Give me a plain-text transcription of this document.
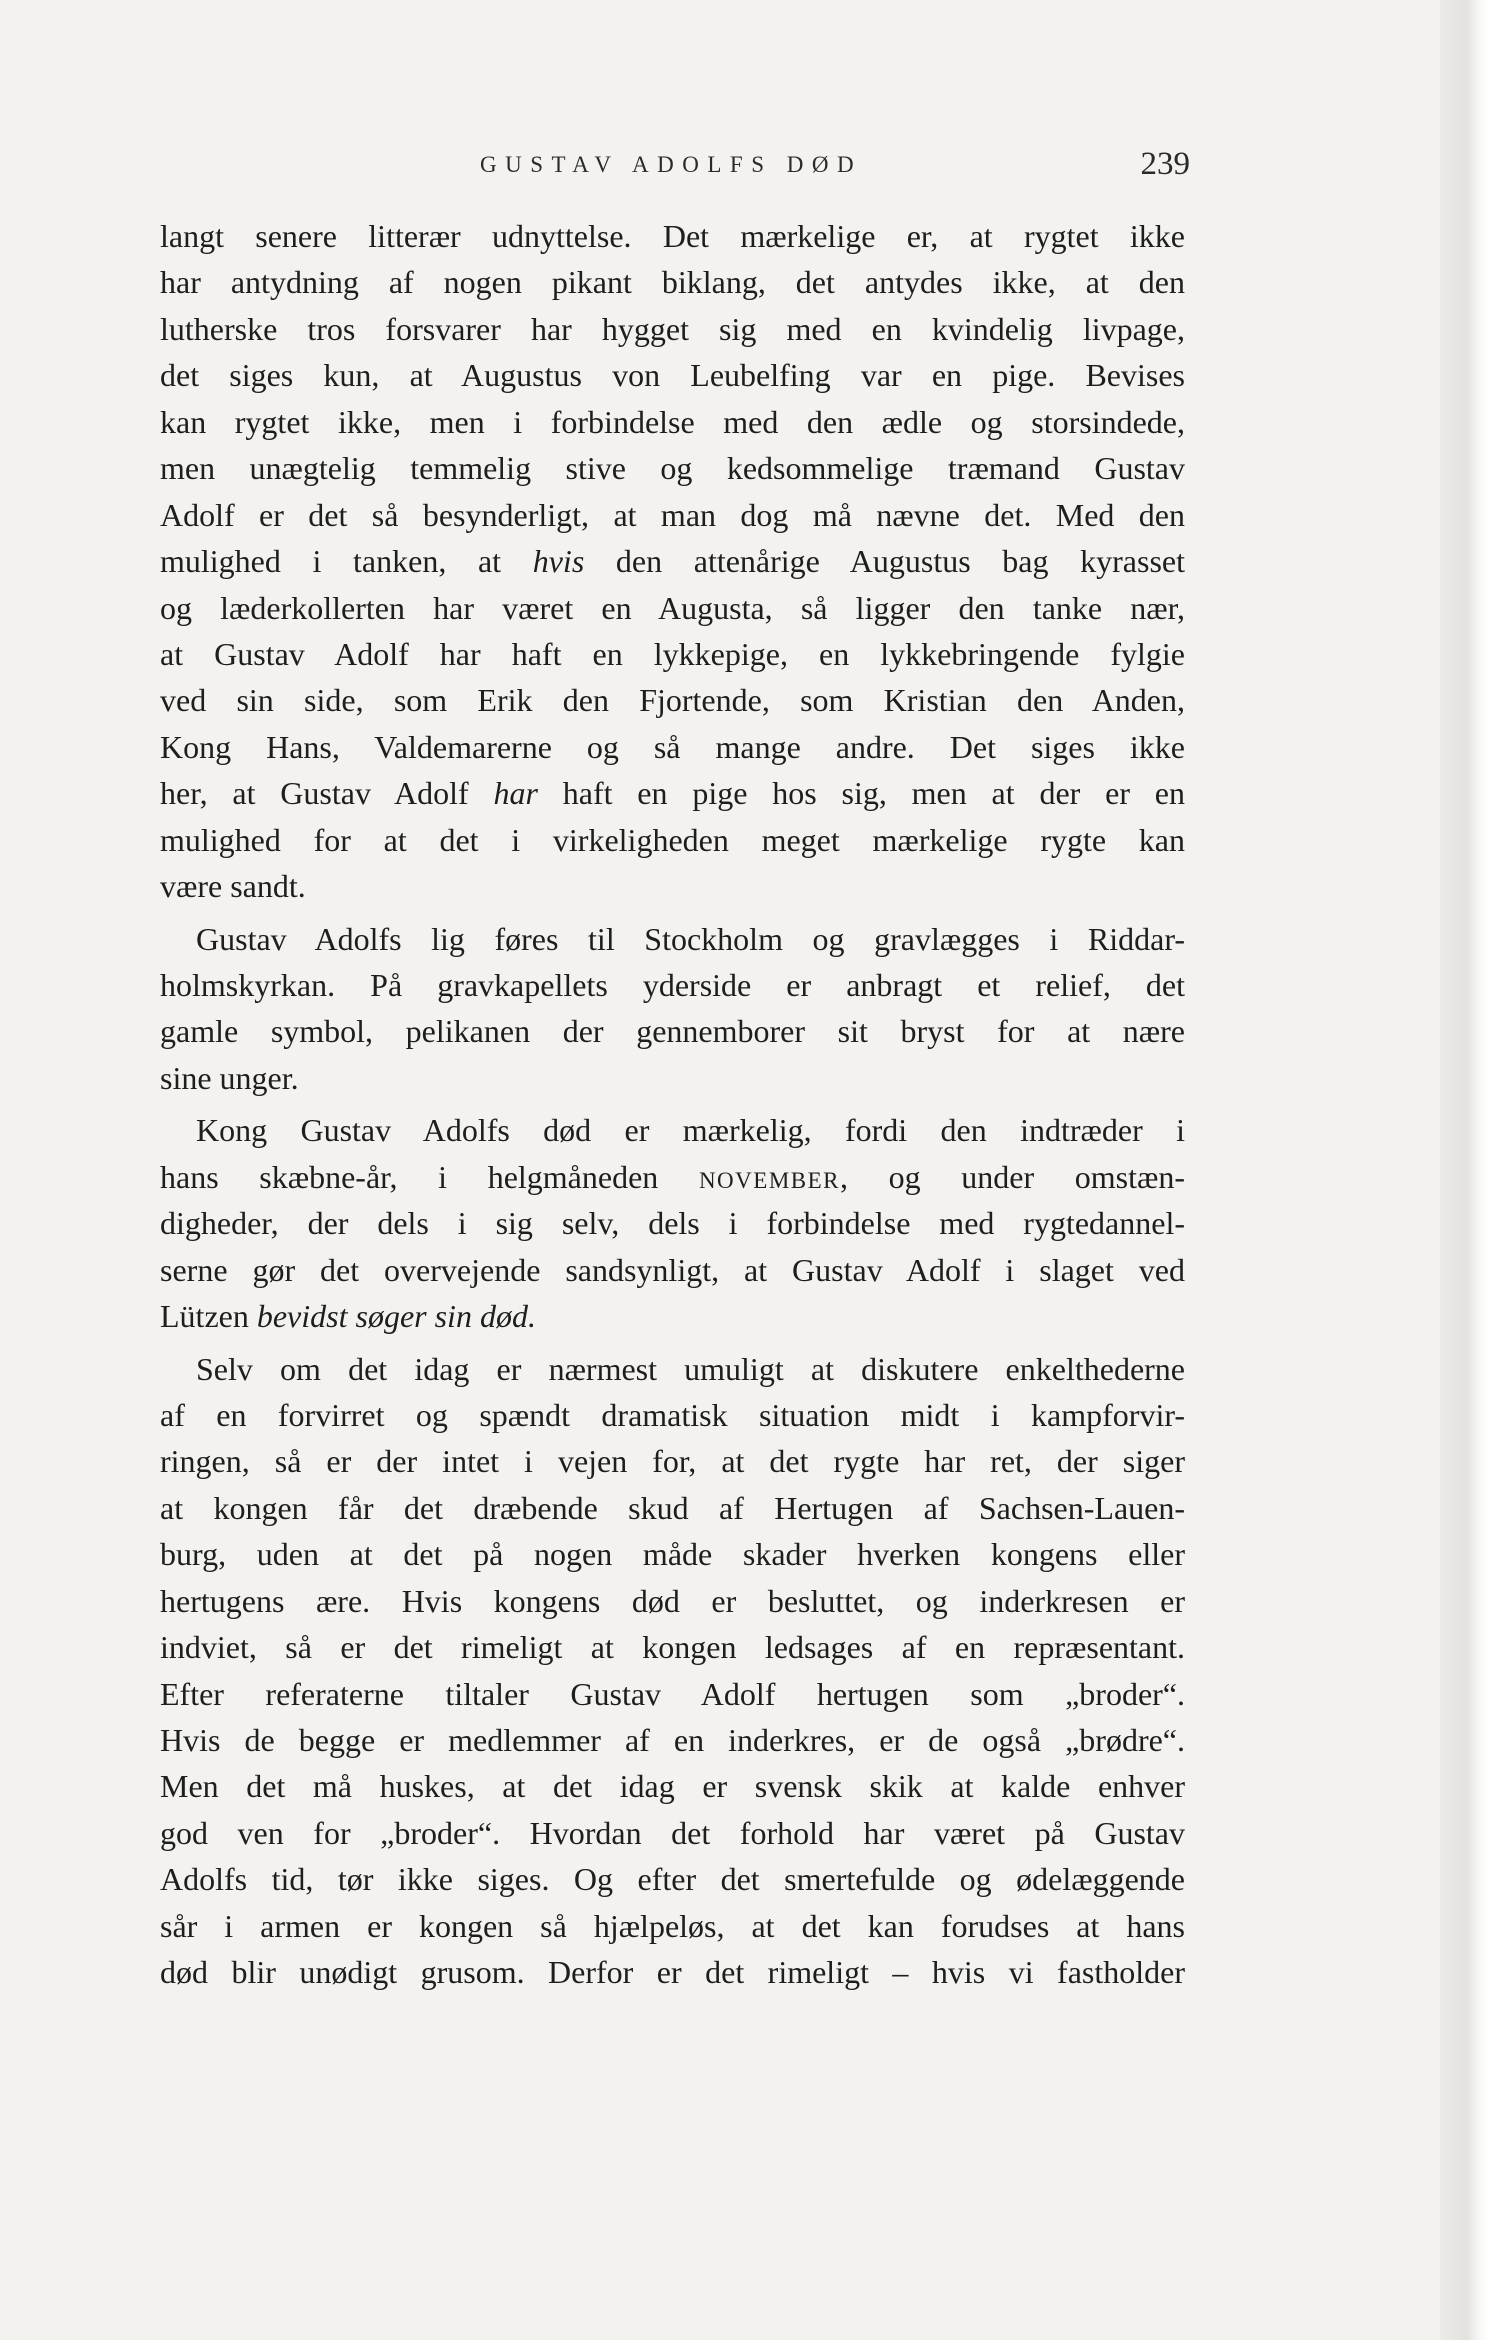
GUSTAV ADOLFS DØD	239
langt senere litterær udnyttelse. Det mærkelige er, at rygtet ikke
har antydning af nogen pikant biklang, det antydes ikke, at den
lutherske tros forsvarer har hygget sig med en kvindelig livpage,
det siges kun, at Augustus von Leubelfing var en pige. Bevises
kan rygtet ikke, men i forbindelse med den ædle og storsindede,
men unægtelig temmelig stive og kedsommelige træmand Gustav
Adolf er det så besynderligt, at man dog må nævne det. Med den
mulighed i tanken, at hvis den attenårige Augustus bag kyrasset
og læderkollerten har været en Augusta, så ligger den tanke nær,
at Gustav Adolf har haft en lykkepige, en lykkebringende fylgie
ved sin side, som Erik den Fjortende, som Kristian den Anden,
Kong Hans, Valdemarerne og så mange andre. Det siges ikke
her, at Gustav Adolf har haft en pige hos sig, men at der er en
mulighed for at det i virkeligheden meget mærkelige rygte kan
være sandt.
Gustav Adolfs lig føres til Stockholm og gravlægges i Riddar-
holmskyrkan. På gravkapellets yderside er anbragt et relief, det
gamle symbol, pelikanen der gennemborer sit bryst for at nære
sine unger.
Kong Gustav Adolfs død er mærkelig, fordi den indtræder i
hans skæbne-år, i helgmåneden NOVEMBER, og under omstæn-
digheder, der dels i sig selv, dels i forbindelse med rygtedannel-
serne gør det overvejende sandsynligt, at Gustav Adolf i slaget ved
Lützen bevidst søger sin død.
Selv om det idag er nærmest umuligt at diskutere enkelthederne
af en forvirret og spændt dramatisk situation midt i kampforvir-
ringen, så er der intet i vejen for, at det rygte har ret, der siger
at kongen får det dræbende skud af Hertugen af Sachsen-Lauen-
burg, uden at det på nogen måde skader hverken kongens eller
hertugens ære. Hvis kongens død er besluttet, og inderkresen er
indviet, så er det rimeligt at kongen ledsages af en repræsentant.
Efter referaterne tiltaler Gustav Adolf hertugen som „broder“.
Hvis de begge er medlemmer af en inderkres, er de også „brødre“.
Men det må huskes, at det idag er svensk skik at kalde enhver
god ven for „broder“. Hvordan det forhold har været på Gustav
Adolfs tid, tør ikke siges. Og efter det smertefulde og ødelæggende
sår i armen er kongen så hjælpeløs, at det kan forudses at hans
død blir unødigt grusom. Derfor er det rimeligt – hvis vi fastholder
